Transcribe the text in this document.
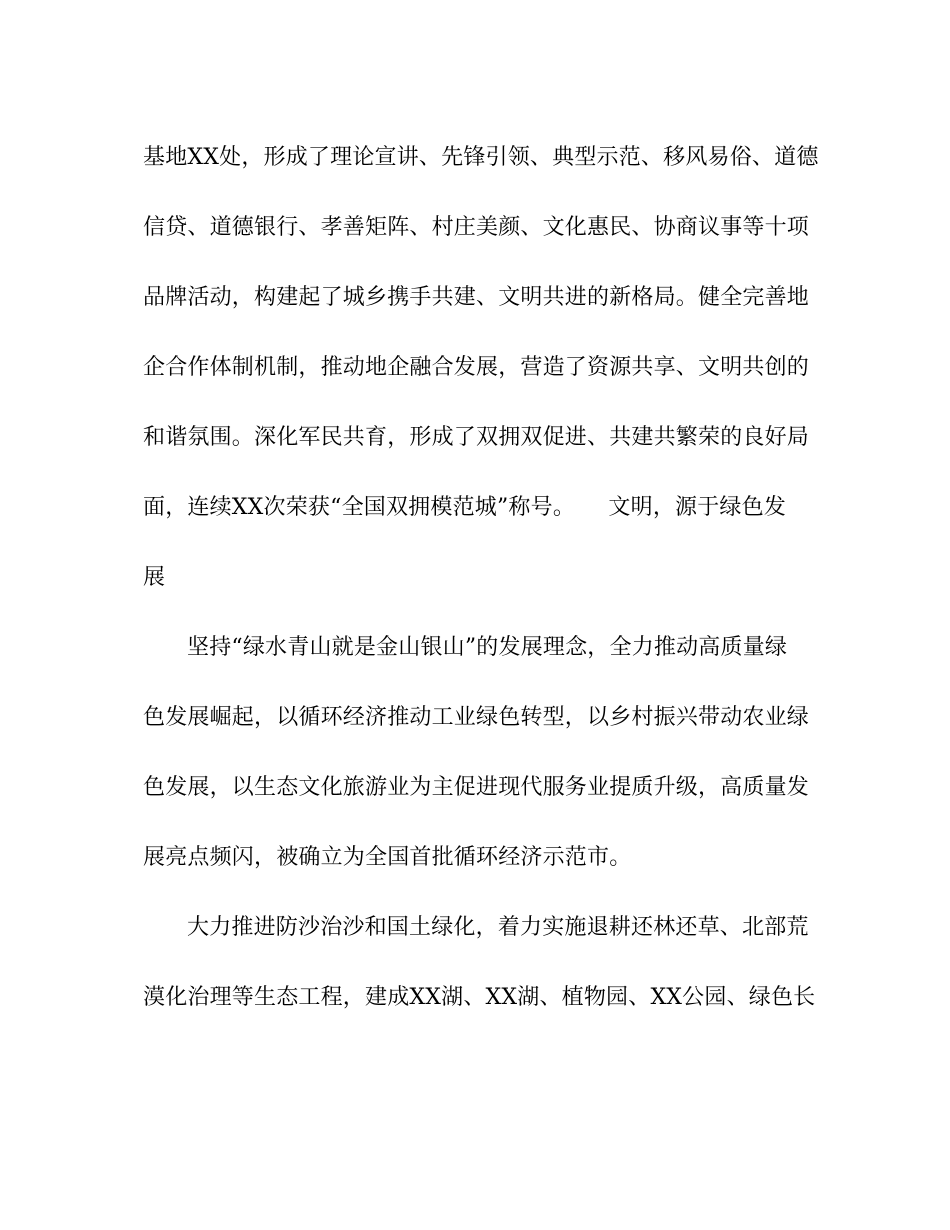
基地XX处，形成了理论宣讲、先锋引领、典型示范、移风易俗、道德
信贷、道德银行、孝善矩阵、村庄美颜、文化惠民、协商议事等十项
品牌活动，构建起了城乡携手共建、文明共进的新格局。健全完善地
企合作体制机制，推动地企融合发展，营造了资源共享、文明共创的
和谐氛围。深化军民共育，形成了双拥双促进、共建共繁荣的良好局
面，连续XX次荣获“全国双拥模范城”称号。　　文明，源于绿色发
展
坚持“绿水青山就是金山银山”的发展理念，全力推动高质量绿
色发展崛起，以循环经济推动工业绿色转型，以乡村振兴带动农业绿
色发展，以生态文化旅游业为主促进现代服务业提质升级，高质量发
展亮点频闪，被确立为全国首批循环经济示范市。
大力推进防沙治沙和国土绿化，着力实施退耕还林还草、北部荒
漠化治理等生态工程，建成XX湖、XX湖、植物园、XX公园、绿色长
